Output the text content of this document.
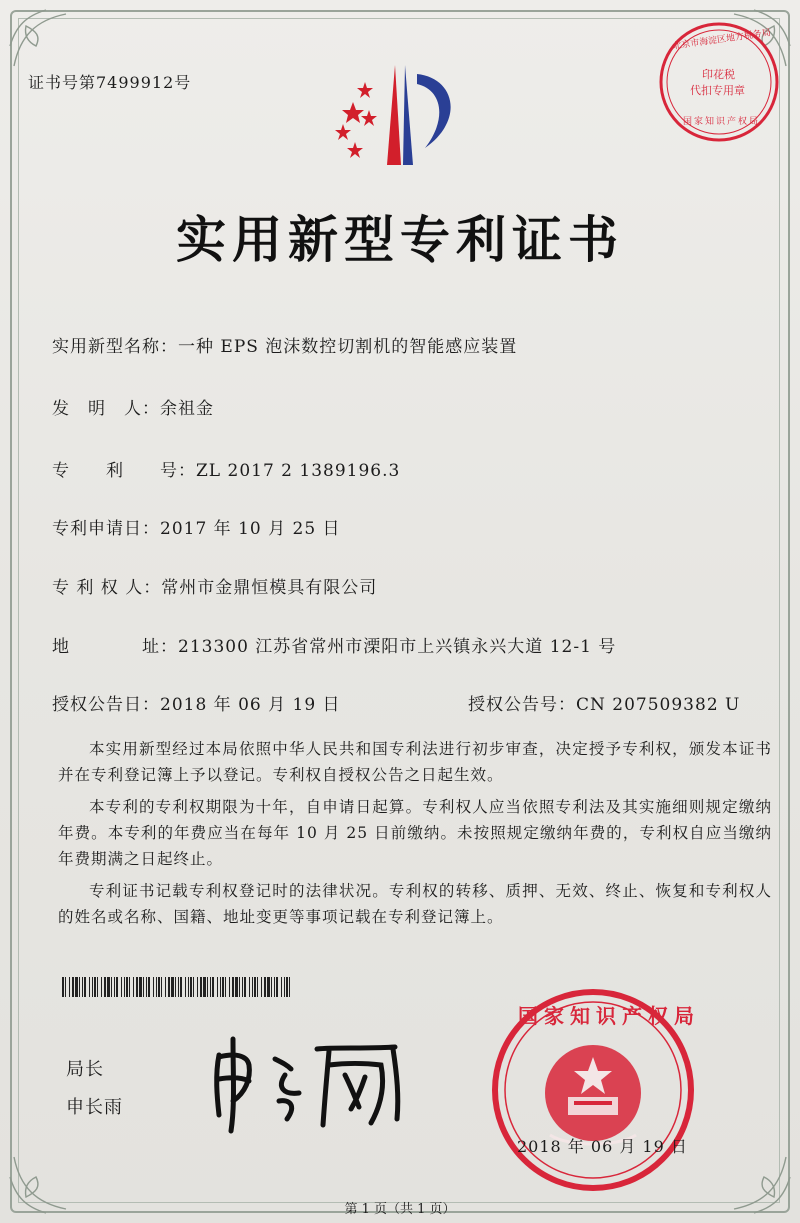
证书号第7499912号	印花税
代扣专用章
北京市海淀区地方税务局
国家知识产权局
实用新型专利证书
实用新型名称：一种 EPS 泡沫数控切割机的智能感应装置
发　明　人：余祖金
专　　利　　号：ZL 2017 2 1389196.3
专利申请日：2017 年 10 月 25 日
专 利 权 人：常州市金鼎恒模具有限公司
地　　　　址：213300 江苏省常州市溧阳市上兴镇永兴大道 12-1 号
授权公告日：2018 年 06 月 19 日	授权公告号：CN 207509382 U

本实用新型经过本局依照中华人民共和国专利法进行初步审查，决定授予专利权，颁发本证书并在专利登记簿上予以登记。专利权自授权公告之日起生效。

本专利的专利权期限为十年，自申请日起算。专利权人应当依照专利法及其实施细则规定缴纳年费。本专利的年费应当在每年 10 月 25 日前缴纳。未按照规定缴纳年费的，专利权自应当缴纳年费期满之日起终止。

专利证书记载专利权登记时的法律状况。专利权的转移、质押、无效、终止、恢复和专利权人的姓名或名称、国籍、地址变更等事项记载在专利登记簿上。

局长
申长雨
国家知识产权局
2018 年 06 月 19 日
第 1 页（共 1 页）
